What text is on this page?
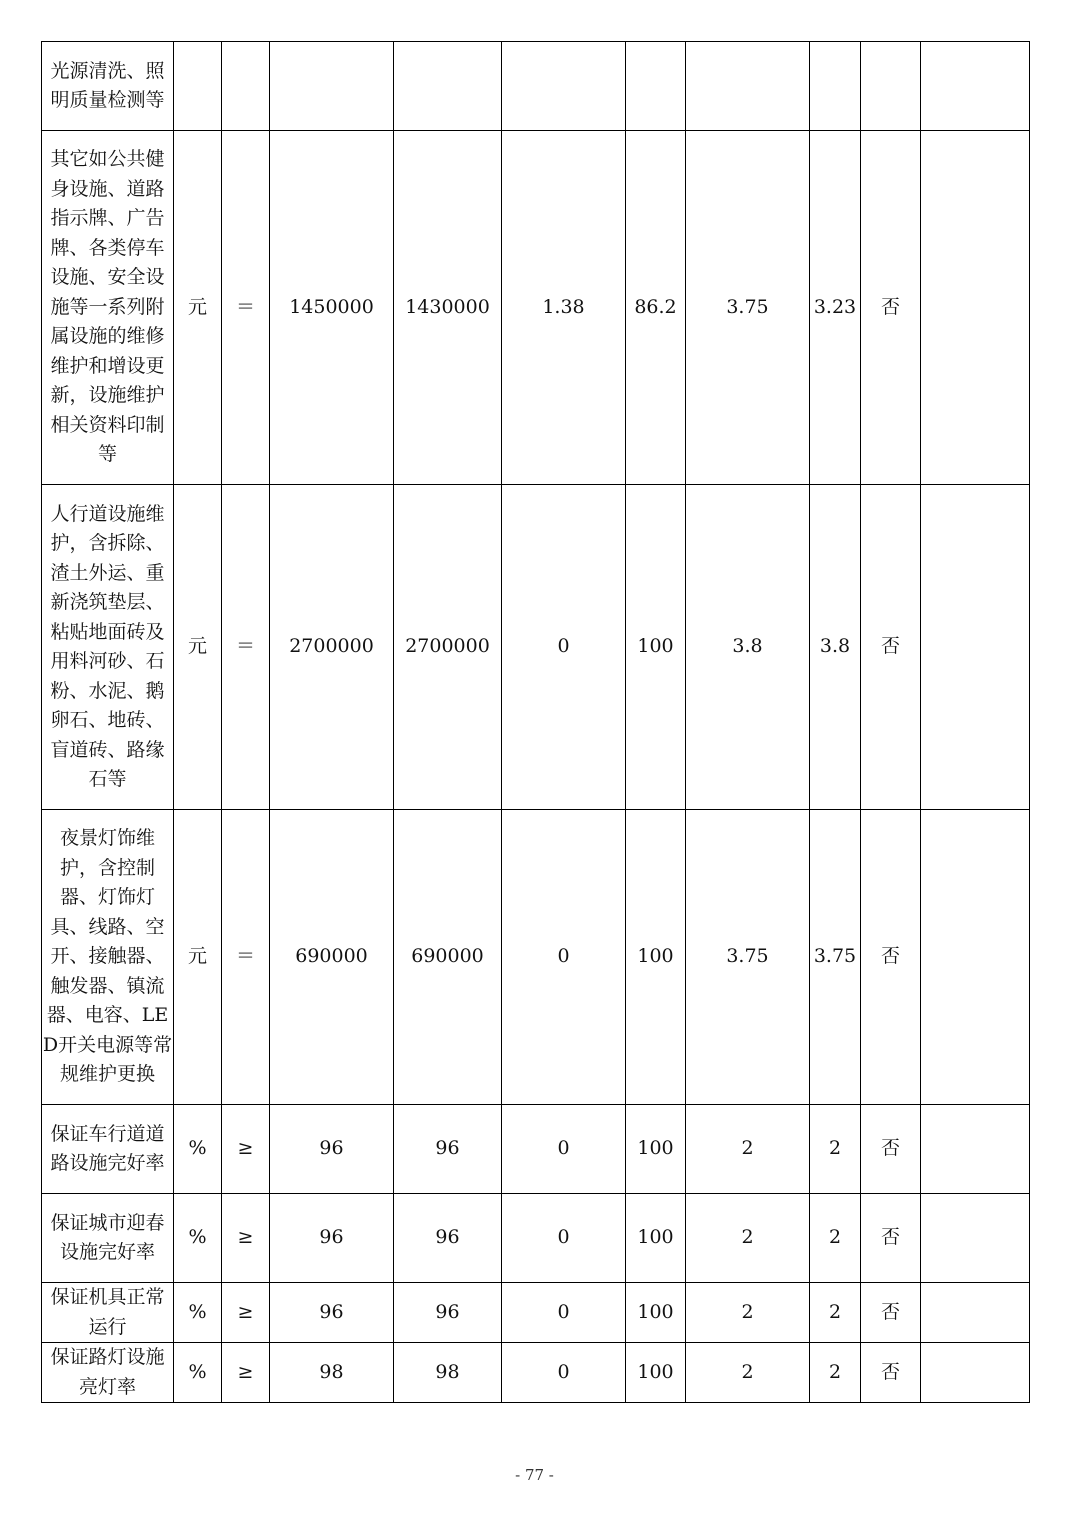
光源清洗、照明质量检测等										
其它如公共健身设施、道路指示牌、广告牌、各类停车设施、安全设施等一系列附属设施的维修维护和增设更新，设施维护相关资料印制等	元	＝	1450000	1430000	1.38	86.2	3.75	3.23	否	
人行道设施维护，含拆除、渣土外运、重新浇筑垫层、粘贴地面砖及用料河砂、石粉、水泥、鹅卵石、地砖、盲道砖、路缘石等	元	＝	2700000	2700000	0	100	3.8	3.8	否	
夜景灯饰维护，含控制器、灯饰灯具、线路、空开、接触器、触发器、镇流器、电容、LED开关电源等常规维护更换	元	＝	690000	690000	0	100	3.75	3.75	否	
保证车行道道路设施完好率	%	≥	96	96	0	100	2	2	否	
保证城市迎春设施完好率	%	≥	96	96	0	100	2	2	否	
保证机具正常运行	%	≥	96	96	0	100	2	2	否	
保证路灯设施亮灯率	%	≥	98	98	0	100	2	2	否	
- 77 -
